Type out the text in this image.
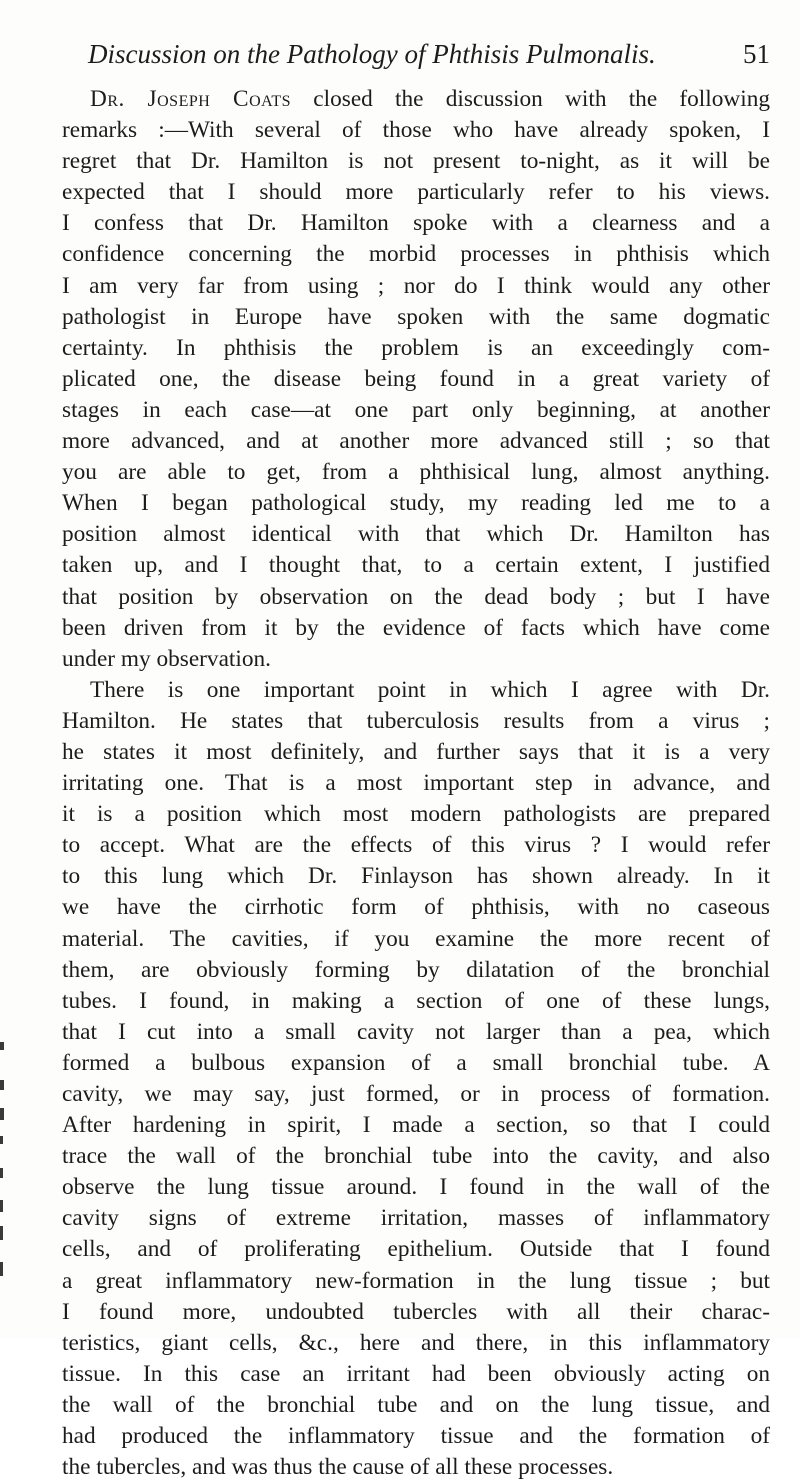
Discussion on the Pathology of Phthisis Pulmonalis.	51
Dr. Joseph Coats closed the discussion with the following
remarks :—With several of those who have already spoken, I
regret that Dr. Hamilton is not present to-night, as it will be
expected that I should more particularly refer to his views.
I confess that Dr. Hamilton spoke with a clearness and a
confidence concerning the morbid processes in phthisis which
I am very far from using ; nor do I think would any other
pathologist in Europe have spoken with the same dogmatic
certainty. In phthisis the problem is an exceedingly com-
plicated one, the disease being found in a great variety of
stages in each case—at one part only beginning, at another
more advanced, and at another more advanced still ; so that
you are able to get, from a phthisical lung, almost anything.
When I began pathological study, my reading led me to a
position almost identical with that which Dr. Hamilton has
taken up, and I thought that, to a certain extent, I justified
that position by observation on the dead body ; but I have
been driven from it by the evidence of facts which have come
under my observation.
There is one important point in which I agree with Dr.
Hamilton. He states that tuberculosis results from a virus ;
he states it most definitely, and further says that it is a very
irritating one. That is a most important step in advance, and
it is a position which most modern pathologists are prepared
to accept. What are the effects of this virus ? I would refer
to this lung which Dr. Finlayson has shown already. In it
we have the cirrhotic form of phthisis, with no caseous
material. The cavities, if you examine the more recent of
them, are obviously forming by dilatation of the bronchial
tubes. I found, in making a section of one of these lungs,
that I cut into a small cavity not larger than a pea, which
formed a bulbous expansion of a small bronchial tube. A
cavity, we may say, just formed, or in process of formation.
After hardening in spirit, I made a section, so that I could
trace the wall of the bronchial tube into the cavity, and also
observe the lung tissue around. I found in the wall of the
cavity signs of extreme irritation, masses of inflammatory
cells, and of proliferating epithelium. Outside that I found
a great inflammatory new-formation in the lung tissue ; but
I found more, undoubted tubercles with all their charac-
teristics, giant cells, &c., here and there, in this inflammatory
tissue. In this case an irritant had been obviously acting on
the wall of the bronchial tube and on the lung tissue, and
had produced the inflammatory tissue and the formation of
the tubercles, and was thus the cause of all these processes.
